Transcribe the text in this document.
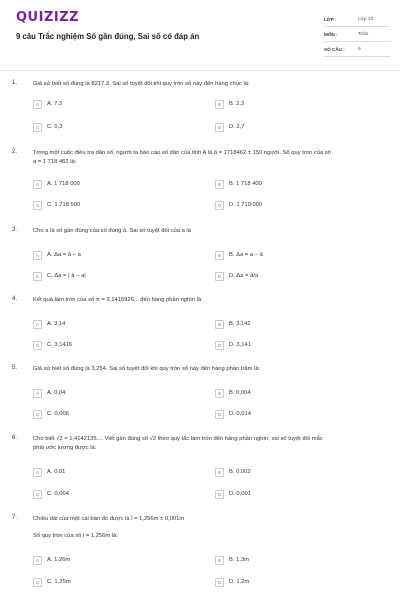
QUIZIZZ
9 câu Trắc nghiệm Số gần đúng, Sai số có đáp án
LỚP :	Lớp 10
MÔN :	Toán
SỐ CÂU :	9
1.	Giả sử biết số đúng là 8217,3. Sai số tuyệt đối khi quy tròn số này đến hàng chục là:
A	A. 7,3	B	B. 2,3
C	C. 0,3	D	D. 2,7
2.	Trong một cuộc điều tra dân số, người ta báo cáo số dân của tỉnh A là ā = 1718462 ± 150 người. Số quy tròn của số
a = 1 718 462 là:
A	A. 1 718 000	B	B. 1 718 400
C	C. 1 718 500	D	D. 1 719 000
3.	Cho a là số gần đúng của số đúng ā. Sai số tuyệt đối của a là
A	A. Δa = ā − a	B	B. Δa = a − ā
C	C. Δa = | ā − a|	D	D. Δa = ā/a
4.	Kết quả làm tròn của số π = 3,1415926... đến hàng phần nghìn là:
A	A. 3,14	B	B. 3,142
C	C. 3,1416	D	D. 3,141
5.	Giả sử biết số đúng là 3,254. Sai số tuyệt đối khi quy tròn số này đến hàng phần trăm là:
A	A. 0,04	B	B. 0,004
C	C. 0,006	D	D. 0,014
6.	Cho biết √2 = 1,4142135.... Viết gần đúng số √2 theo quy tắc làm tròn đến hàng phần nghìn, sai số tuyệt đối mắc
phải ước lượng được là:
A	A. 0,01	B	B. 0,002
C	C. 0,004	D	D. 0,001
7.	Chiều dài của một cái bàn đo được là l̄ = 1,256m ± 0,001m
Số quy tròn của số l = 1,256m là:
A	A. 1,26m	B	B. 1,3m
C	C. 1,25m	D	D. 1,2m
